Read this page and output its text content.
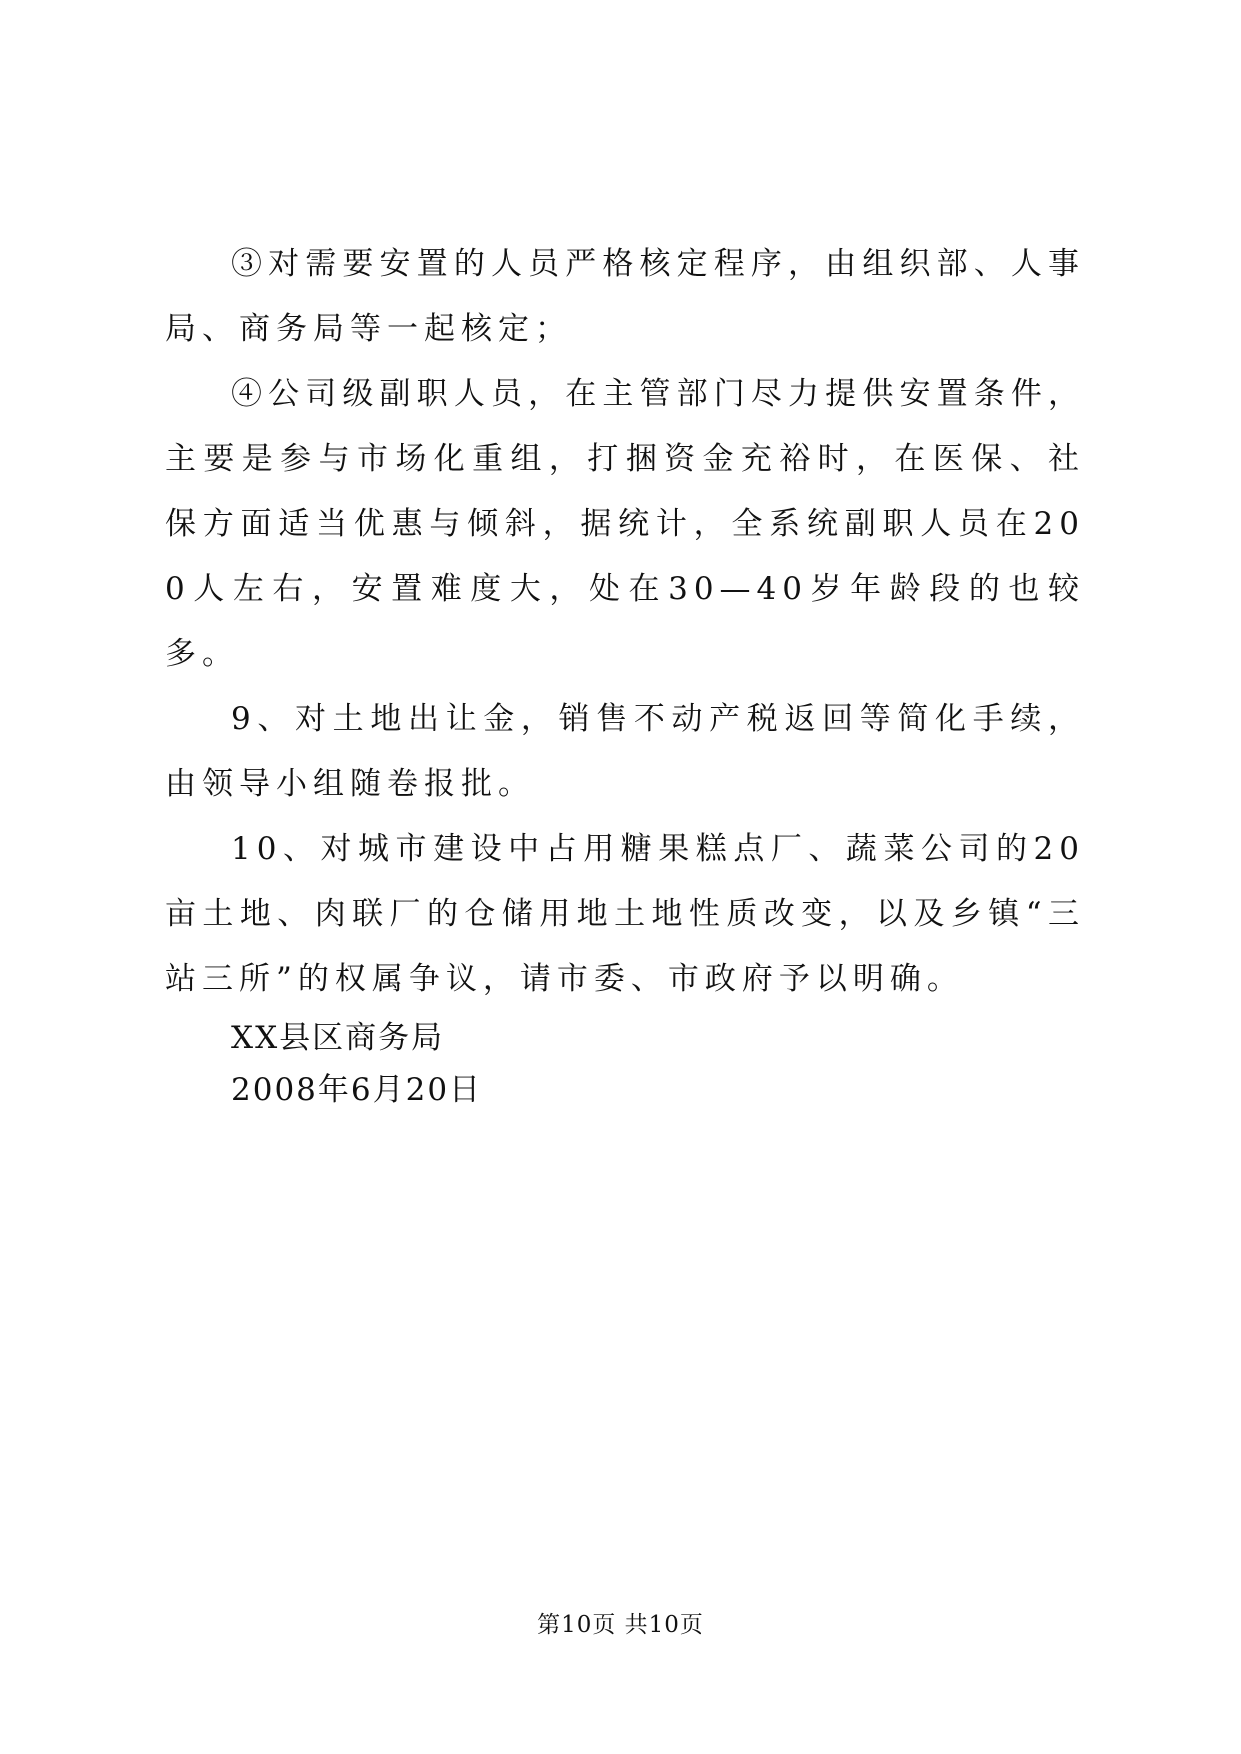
③对需要安置的人员严格核定程序，由组织部、人事局、商务局等一起核定；

④公司级副职人员，在主管部门尽力提供安置条件，主要是参与市场化重组，打捆资金充裕时，在医保、社保方面适当优惠与倾斜，据统计，全系统副职人员在200人左右，安置难度大，处在30—40岁年龄段的也较多。

9、对土地出让金，销售不动产税返回等简化手续，由领导小组随卷报批。

10、对城市建设中占用糖果糕点厂、蔬菜公司的20亩土地、肉联厂的仓储用地土地性质改变，以及乡镇“三站三所”的权属争议，请市委、市政府予以明确。

XX县区商务局

2008年6月20日

第10页 共10页
